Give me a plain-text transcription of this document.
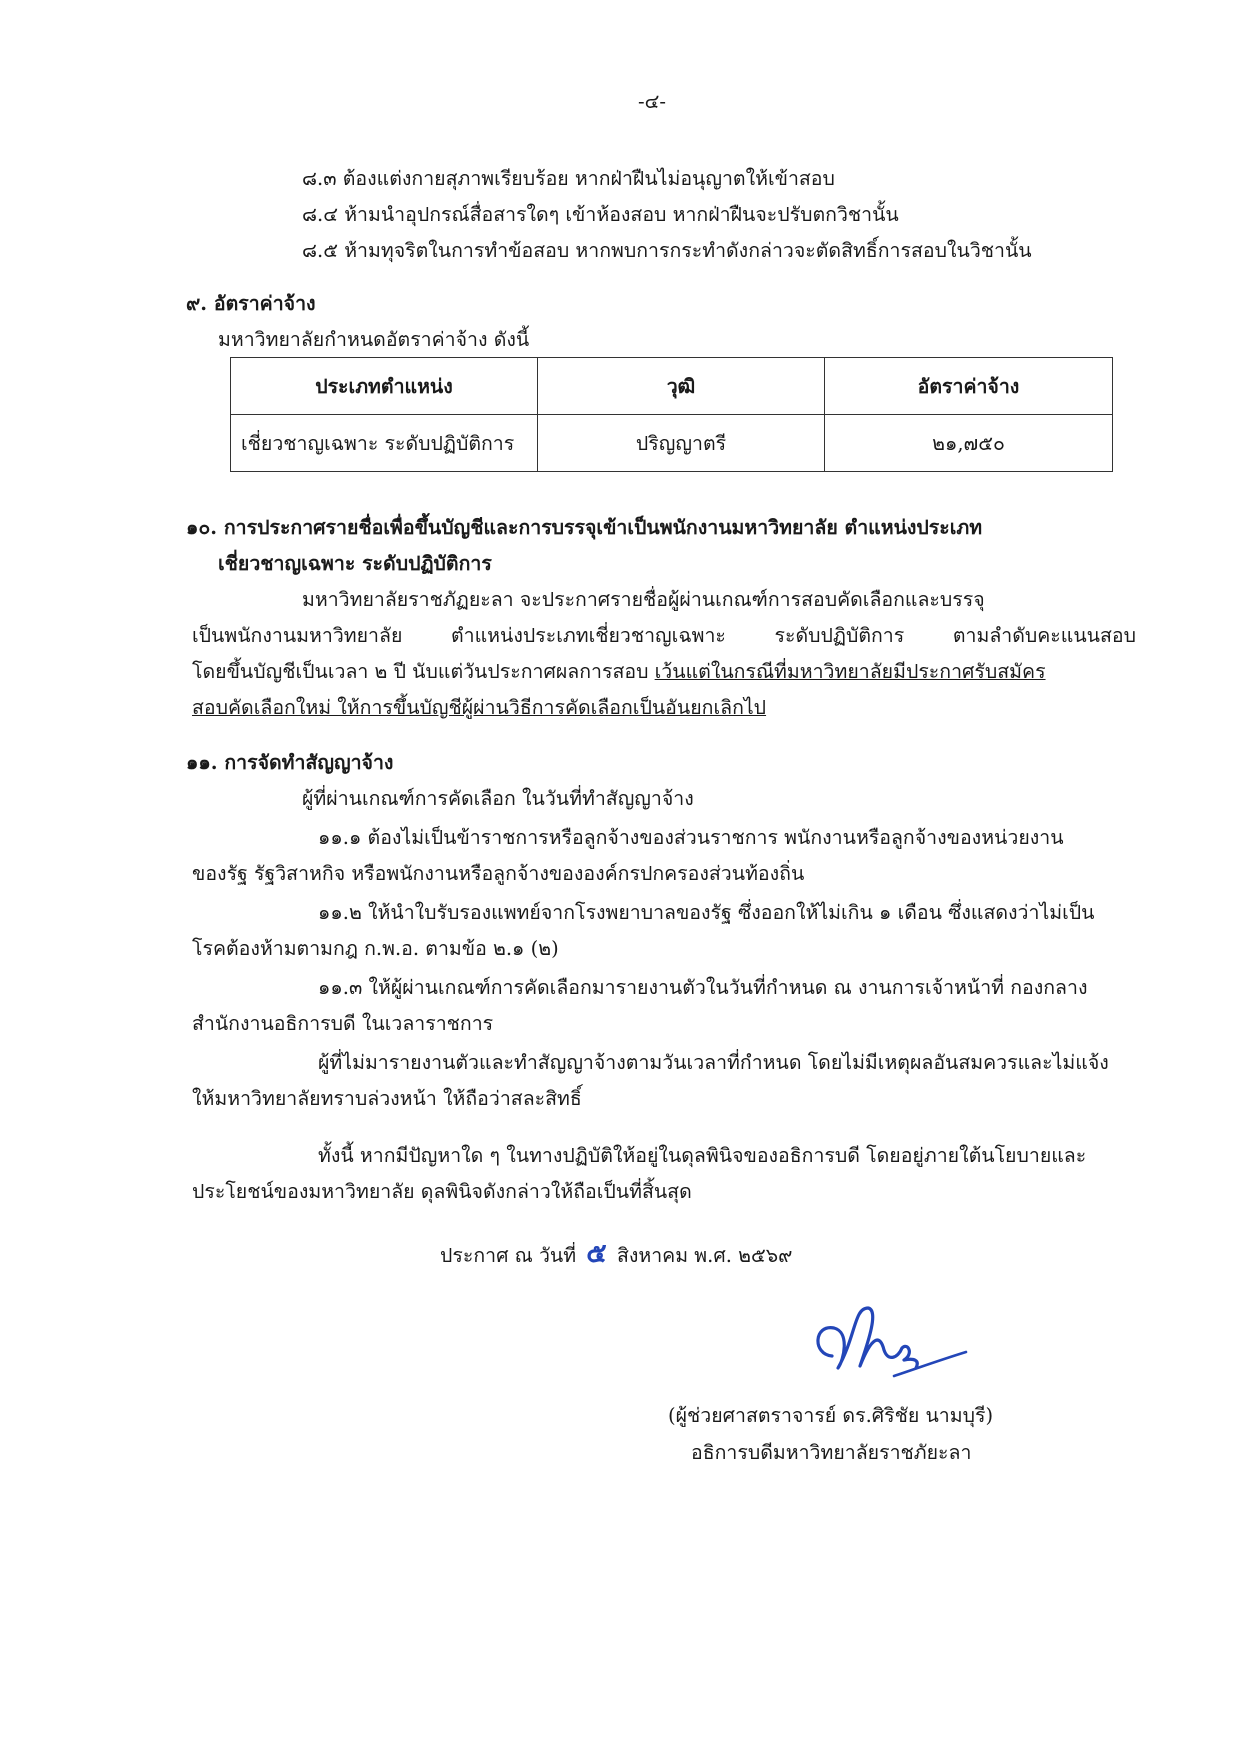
-๔-
๘.๓ ต้องแต่งกายสุภาพเรียบร้อย หากฝ่าฝืนไม่อนุญาตให้เข้าสอบ
๘.๔ ห้ามนำอุปกรณ์สื่อสารใดๆ เข้าห้องสอบ หากฝ่าฝืนจะปรับตกวิชานั้น
๘.๕ ห้ามทุจริตในการทำข้อสอบ หากพบการกระทำดังกล่าวจะตัดสิทธิ์การสอบในวิชานั้น
๙. อัตราค่าจ้าง
มหาวิทยาลัยกำหนดอัตราค่าจ้าง ดังนี้
ประเภทตำแหน่ง	วุฒิ	อัตราค่าจ้าง
เชี่ยวชาญเฉพาะ ระดับปฏิบัติการ	ปริญญาตรี	๒๑,๗๕๐
๑๐. การประกาศรายชื่อเพื่อขึ้นบัญชีและการบรรจุเข้าเป็นพนักงานมหาวิทยาลัย ตำแหน่งประเภท
เชี่ยวชาญเฉพาะ ระดับปฏิบัติการ
มหาวิทยาลัยราชภัฏยะลา จะประกาศรายชื่อผู้ผ่านเกณฑ์การสอบคัดเลือกและบรรจุ
เป็นพนักงานมหาวิทยาลัย ตำแหน่งประเภทเชี่ยวชาญเฉพาะ ระดับปฏิบัติการ ตามลำดับคะแนนสอบ
โดยขึ้นบัญชีเป็นเวลา ๒ ปี นับแต่วันประกาศผลการสอบ เว้นแต่ในกรณีที่มหาวิทยาลัยมีประกาศรับสมัคร
สอบคัดเลือกใหม่ ให้การขึ้นบัญชีผู้ผ่านวิธีการคัดเลือกเป็นอันยกเลิกไป
๑๑. การจัดทำสัญญาจ้าง
ผู้ที่ผ่านเกณฑ์การคัดเลือก ในวันที่ทำสัญญาจ้าง
๑๑.๑ ต้องไม่เป็นข้าราชการหรือลูกจ้างของส่วนราชการ พนักงานหรือลูกจ้างของหน่วยงาน
ของรัฐ รัฐวิสาหกิจ หรือพนักงานหรือลูกจ้างขององค์กรปกครองส่วนท้องถิ่น
๑๑.๒ ให้นำใบรับรองแพทย์จากโรงพยาบาลของรัฐ ซึ่งออกให้ไม่เกิน ๑ เดือน ซึ่งแสดงว่าไม่เป็น
โรคต้องห้ามตามกฎ ก.พ.อ. ตามข้อ ๒.๑ (๒)
๑๑.๓ ให้ผู้ผ่านเกณฑ์การคัดเลือกมารายงานตัวในวันที่กำหนด ณ งานการเจ้าหน้าที่ กองกลาง
สำนักงานอธิการบดี ในเวลาราชการ
ผู้ที่ไม่มารายงานตัวและทำสัญญาจ้างตามวันเวลาที่กำหนด โดยไม่มีเหตุผลอันสมควรและไม่แจ้ง
ให้มหาวิทยาลัยทราบล่วงหน้า ให้ถือว่าสละสิทธิ์
ทั้งนี้ หากมีปัญหาใด ๆ ในทางปฏิบัติให้อยู่ในดุลพินิจของอธิการบดี โดยอยู่ภายใต้นโยบายและ
ประโยชน์ของมหาวิทยาลัย ดุลพินิจดังกล่าวให้ถือเป็นที่สิ้นสุด
ประกาศ ณ วันที่ ๕ สิงหาคม พ.ศ. ๒๕๖๙
(ผู้ช่วยศาสตราจารย์ ดร.ศิริชัย นามบุรี)
อธิการบดีมหาวิทยาลัยราชภัยะลา
